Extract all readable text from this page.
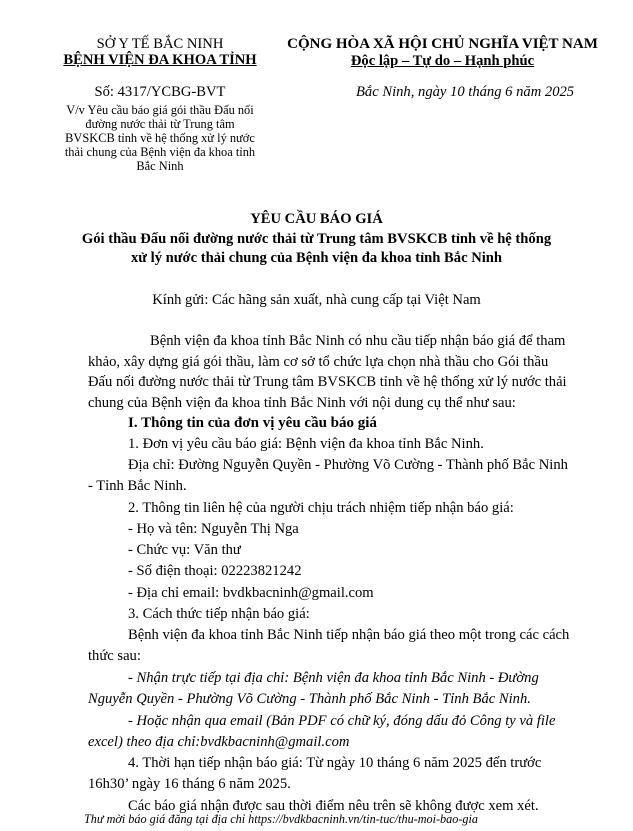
SỞ Y TẾ BẮC NINH
BỆNH VIỆN ĐA KHOA TỈNH
CỘNG HÒA XÃ HỘI CHỦ NGHĨA VIỆT NAM
Độc lập – Tự do – Hạnh phúc
Số: 4317/YCBG-BVT	Bắc Ninh, ngày 10 tháng 6 năm 2025
V/v Yêu cầu báo giá gói thầu Đấu nối
đường nước thải từ Trung tâm
BVSKCB tỉnh về hệ thống xử lý nước
thải chung của Bệnh viện đa khoa tỉnh
Bắc Ninh
YÊU CẦU BÁO GIÁ
Gói thầu Đấu nối đường nước thải từ Trung tâm BVSKCB tỉnh về hệ thống
xử lý nước thải chung của Bệnh viện đa khoa tỉnh Bắc Ninh
Kính gửi: Các hãng sản xuất, nhà cung cấp tại Việt Nam
Bệnh viện đa khoa tỉnh Bắc Ninh có nhu cầu tiếp nhận báo giá để tham
khảo, xây dựng giá gói thầu, làm cơ sở tổ chức lựa chọn nhà thầu cho Gói thầu
Đấu nối đường nước thải từ Trung tâm BVSKCB tỉnh về hệ thống xử lý nước thải
chung của Bệnh viện đa khoa tỉnh Bắc Ninh với nội dung cụ thể như sau:
I. Thông tin của đơn vị yêu cầu báo giá
1. Đơn vị yêu cầu báo giá: Bệnh viện đa khoa tỉnh Bắc Ninh.
Địa chỉ: Đường Nguyễn Quyền - Phường Võ Cường - Thành phố Bắc Ninh
- Tỉnh Bắc Ninh.
2. Thông tin liên hệ của người chịu trách nhiệm tiếp nhận báo giá:
- Họ và tên: Nguyễn Thị Nga
- Chức vụ: Văn thư
- Số điện thoại: 02223821242
- Địa chỉ email: bvdkbacninh@gmail.com
3. Cách thức tiếp nhận báo giá:
Bệnh viện đa khoa tỉnh Bắc Ninh tiếp nhận báo giá theo một trong các cách
thức sau:
- Nhận trực tiếp tại địa chỉ: Bệnh viện đa khoa tỉnh Bắc Ninh - Đường
Nguyễn Quyền - Phường Võ Cường - Thành phố Bắc Ninh - Tỉnh Bắc Ninh.
- Hoặc nhận qua email (Bản PDF có chữ ký, đóng dấu đỏ Công ty và file
excel) theo địa chỉ:bvdkbacninh@gmail.com
4. Thời hạn tiếp nhận báo giá: Từ ngày 10 tháng 6 năm 2025 đến trước
16h30’ ngày 16 tháng 6 năm 2025.
Các báo giá nhận được sau thời điểm nêu trên sẽ không được xem xét.
Thư mời báo giá đăng tại địa chỉ https://bvdkbacninh.vn/tin-tuc/thu-moi-bao-gia
